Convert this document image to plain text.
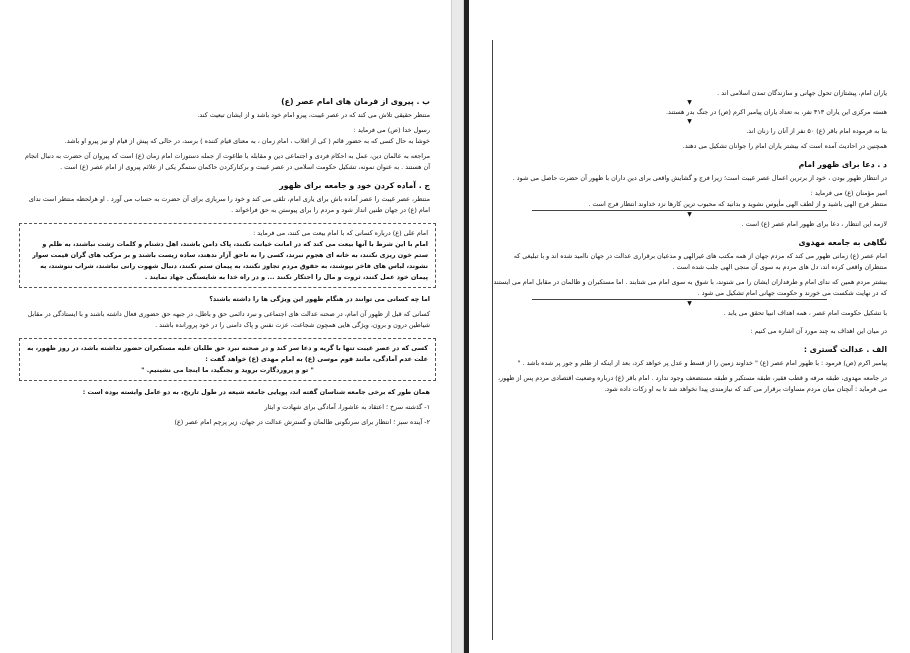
ب . پیروی از فرمان های امام عصر (ع)

منتظر حقیقی تلاش می کند که در عصر غیبت، پیرو امام خود باشد و از ایشان تبعیت کند.

رسول خدا (ص) می فرماید :

خوشا به حال کسی که به حضور قائم ( کی از اقلاب ، امام زمان ، به معنای قیام کننده ) برسد، در حالی که پیش از قیام او نیز پیرو او باشد.

مراجعه به عالمان دین، عمل به احکام فردی و اجتماعی دین و مقابله با طاغوت از جمله دستورات امام زمان (ع) است که پیروان آن حضرت به دنبال انجام آن هستند . به عنوان نمونه، تشکیل حکومت اسلامی در عصر غیبت و برکنارکردن حاکمان ستمگر یکی از علائم پیروی از امام عصر (ع) است .

ج . آماده کردن خود و جامعه برای ظهور

منتظر، عصر غیبت را عصر آماده باش برای یاری امام، تلقی می کند و خود را سربازی برای آن حضرت به حساب می آورد . او هرلحظه منتظر است ندای امام (ع) در جهان طنین انداز شود و مردم را برای پیوستن به حق فراخواند .

امام علی (ع) درباره کسانی که با امام بیعت می کنند، می فرماید :

امام با این شرط با آنها بیعت می کند که در امانت خیانت نکنند، پاک دامن باشند، اهل دشنام و کلمات زشت نباشند، به ظلم و ستم خون ریزی نکنند، به خانه ای هجوم نبرند، کسی را به ناحق آزار ندهند، ساده زیست باشند و بر مرکب های گران قیمت سوار نشوند، لباس های فاخر نپوشند، به حقوق مردم تجاوز نکنند، به پیمان ستم نکنند، دنبال شهوت رانی نباشند، شراب ننوشند، به پیمان خود عمل کنند، ثروت و مال را احتکار نکنند ... و در راه خدا به شایستگی جهاد نمایند .

اما چه کسانی می توانند در هنگام ظهور این ویژگی ها را داشته باشند؟

کسانی که قبل از ظهور آن امام، در صحنه عدالت های اجتماعی و نبرد دائمی حق و باطل، در جبهه حق حضوری فعال داشته باشند و با ایستادگی در مقابل شیاطین درون و برون، ویژگی هایی همچون شجاعت، عزت نفس و پاک دامنی را در خود پرورانده باشند .

کسی که در عصر غیبت تنها با گریه و دعا سر کند و در صحنه نبرد حق طلبان علیه مستکبران حضور نداشته باشد، در روز ظهور، به علت عدم آمادگی، مانند قوم موسی (ع) به امام مهدی (ع) خواهد گفت :

" تو و پروردگارت بروید و بجنگید، ما اینجا می نشینیم. "

همان طور که برخی جامعه شناسان گفته اند، پویایی جامعه شیعه در طول تاریخ، به دو عامل وابسته بوده است :

۱- گذشته سرخ ؛ اعتقاد به عاشورا، آمادگی برای شهادت و ایثار

۲- آینده سبز ؛ انتظار برای سرنگونی ظالمان و گسترش عدالت در جهان، زیر پرچم امام عصر (ع)

یاران امام، پیشتازان تحول جهانی و سازندگان تمدن اسلامی اند .

▼

هسته مرکزی این یاران ۳۱۳ نفر، به تعداد یاران پیامبر اکرم (ص) در جنگ بدر هستند.

▼

بنا به فرموده امام باقر (ع) ۵۰ نفر از آنان را زنان اند.

همچنین در احادیث آمده است که بیشتر یاران امام را جوانان تشکیل می دهند.

د . دعا برای ظهور امام

در انتظار ظهور بودن ، خود از برترین اعمال عصر غیبت است؛ زیرا فرج و گشایش واقعی برای دین داران با ظهور آن حضرت حاصل می شود .

امیر مؤمنان (ع) می فرماید :

منتظر فرج الهی باشید و از لطف الهی مأیوس نشوید و بدانید که محبوب ترین کارها نزد خداوند انتظار فرج است .

▼

لازمه این انتظار ، دعا برای ظهور امام عصر (ع) است .

نگاهی به جامعه مهدوی

امام عصر (ع) زمانی ظهور می کند که مردم جهان از همه مکتب های غیرالهی و مدعیان برقراری عدالت در جهان ناامید شده اند و با تبلیغی که منتظران واقعی کرده اند، دل های مردم به سوی آن منجی الهی جلب شده است .

بیشتر مردم همین که ندای امام و طرفداران ایشان را می شنوند، با شوق به سوی امام می شتابند . اما مستکبران و ظالمان در مقابل امام می ایستند که در نهایت شکست می خورند و حکومت جهانی امام تشکیل می شود .

▼

با تشکیل حکومت امام عصر ، همه اهداف انبیا تحقق می یابد .

در میان این اهداف به چند مورد آن اشاره می کنیم :

الف . عدالت گستری :

پیامبر اکرم (ص) فرمود : با ظهور امام عصر (ع) " خداوند زمین را از قسط و عدل پر خواهد کرد، بعد از اینکه از ظلم و جور پر شده باشد . "

در جامعه مهدوی، طبقه مرفه و قطب فقیر، طبقه مستکبر و طبقه مستضعف وجود ندارد . امام باقر (ع) درباره وضعیت اقتصادی مردم پس از ظهور، می فرماید : آنچنان میان مردم مساوات برقرار می کند که نیازمندی پیدا نخواهد شد تا به او زکات داده شود.
